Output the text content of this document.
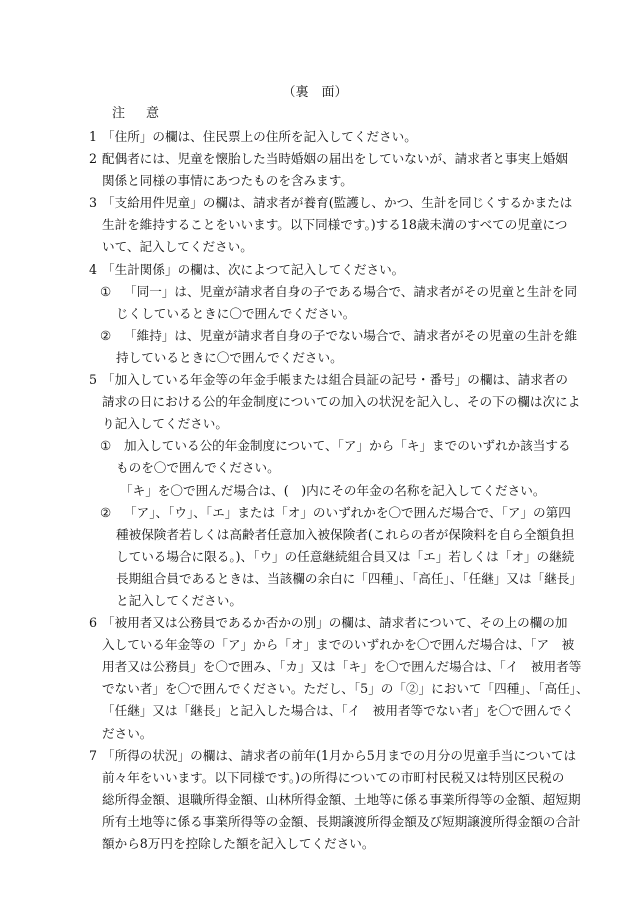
（裏　面）
注　意
1 「住所」の欄は、住民票上の住所を記入してください。
2 配偶者には、児童を懐胎した当時婚姻の届出をしていないが、請求者と事実上婚姻
関係と同様の事情にあつたものを含みます。
3 「支給用件児童」の欄は、請求者が養育(監護し、かつ、生計を同じくするかまたは
生計を維持することをいいます。以下同様です。)する18歳未満のすべての児童につ
いて、記入してください。
4 「生計関係」の欄は、次によつて記入してください。
①	「同一」は、児童が請求者自身の子である場合で、請求者がその児童と生計を同
じくしているときに〇で囲んでください。
②	「維持」は、児童が請求者自身の子でない場合で、請求者がその児童の生計を維
持しているときに〇で囲んでください。
5 「加入している年金等の年金手帳または組合員証の記号・番号」の欄は、請求者の
請求の日における公的年金制度についての加入の状況を記入し、その下の欄は次によ
り記入してください。
①	加入している公的年金制度について、「ア」から「キ」までのいずれか該当する
ものを〇で囲んでください。
「キ」を〇で囲んだ場合は、(　)内にその年金の名称を記入してください。
②	「ア」、「ウ」、「エ」または「オ」のいずれかを〇で囲んだ場合で、「ア」の第四
種被保険者若しくは高齢者任意加入被保険者(これらの者が保険料を自ら全額負担
している場合に限る。)、「ウ」の任意継続組合員又は「エ」若しくは「オ」の継続
長期組合員であるときは、当該欄の余白に「四種」、「高任」、「任継」又は「継長」
と記入してください。
6 「被用者又は公務員であるか否かの別」の欄は、請求者について、その上の欄の加
入している年金等の「ア」から「オ」までのいずれかを〇で囲んだ場合は、「ア　被
用者又は公務員」を〇で囲み、「カ」又は「キ」を〇で囲んだ場合は、「イ　被用者等
でない者」を〇で囲んでください。ただし、「5」の「②」において「四種」、「高任」、
「任継」又は「継長」と記入した場合は、「イ　被用者等でない者」を〇で囲んでく
ださい。
7 「所得の状況」の欄は、請求者の前年(1月から5月までの月分の児童手当については
前々年をいいます。以下同様です。)の所得についての市町村民税又は特別区民税の
総所得金額、退職所得金額、山林所得金額、土地等に係る事業所得等の金額、超短期
所有土地等に係る事業所得等の金額、長期譲渡所得金額及び短期譲渡所得金額の合計
額から8万円を控除した額を記入してください。
